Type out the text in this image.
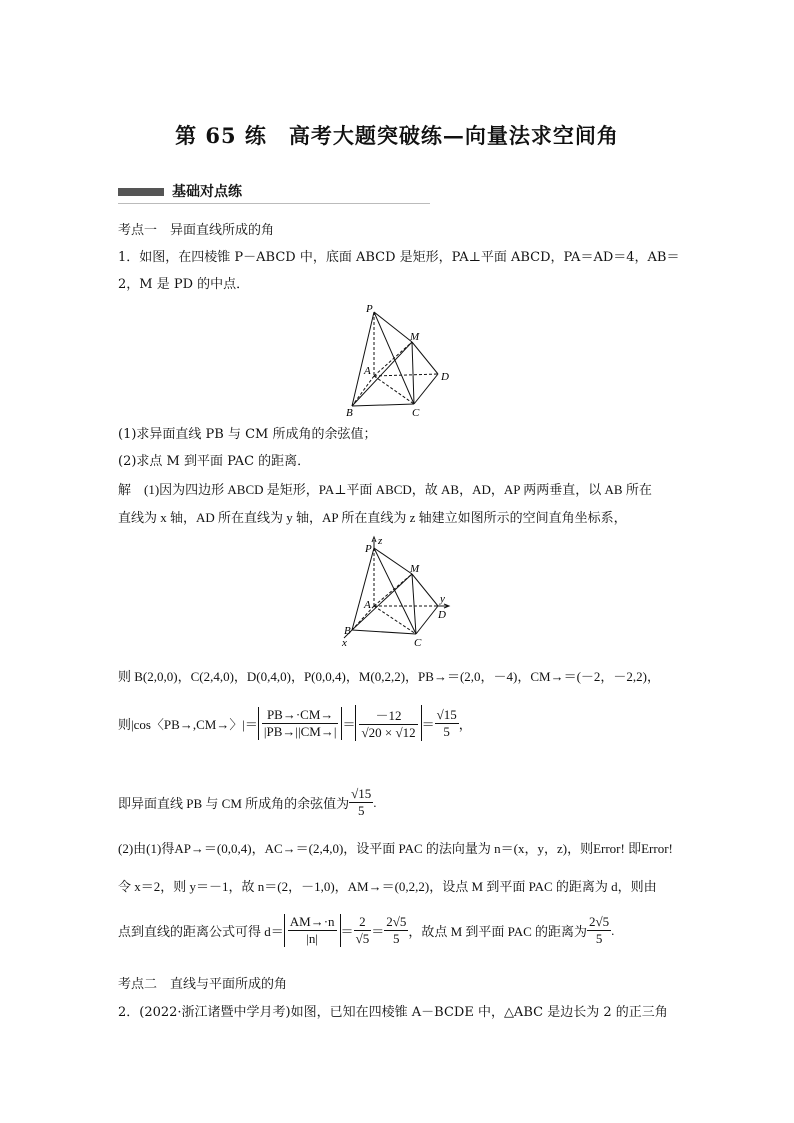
第 65 练　高考大题突破练—向量法求空间角
基础对点练
考点一　异面直线所成的角
1．如图，在四棱锥 P－ABCD 中，底面 ABCD 是矩形，PA⊥平面 ABCD，PA＝AD＝4，AB＝
2，M 是 PD 的中点．
P
M
A	D
B	C
(1)求异面直线 PB 与 CM 所成角的余弦值；
(2)求点 M 到平面 PAC 的距离．
解　(1)因为四边形 ABCD 是矩形，PA⊥平面 ABCD，故 AB，AD，AP 两两垂直，以 AB 所在
直线为 x 轴，AD 所在直线为 y 轴，AP 所在直线为 z 轴建立如图所示的空间直角坐标系，
z
P
M
A	y
D
B
x	C
则 B(2,0,0)，C(2,4,0)，D(0,4,0)，P(0,0,4)，M(0,2,2)，PB→＝(2,0，－4)，CM→＝(－2，－2,2)，
则|cos〈PB→,CM→〉|＝ $\frac{PB\to\cdot CM\to}{|PB\to||CM\to|} = \frac{-12}{√20 \times √12} = \frac{√15}{5}$ ，
即异面直线 PB 与 CM 所成角的余弦值为 $\frac{√15}{5}$ .
(2)由(1)得AP→＝(0,0,4)，AC→＝(2,4,0)，设平面 PAC 的法向量为 n＝(x，y，z)，则Error! 即Error!
令 x＝2，则 y＝－1，故 n＝(2，－1,0)，AM→＝(0,2,2)，设点 M 到平面 PAC 的距离为 d，则由
点到直线的距离公式可得 $d= \frac{AM\to\cdot n}{|n|} = \frac{2}{√5} = \frac{2√5}{5}$ ，故点 M 到平面 PAC 的距离为 $\frac{2√5}{5}$ .
考点二　直线与平面所成的角
2．(2022·浙江诸暨中学月考)如图，已知在四棱锥 A－BCDE 中，△ABC 是边长为 2 的正三角
